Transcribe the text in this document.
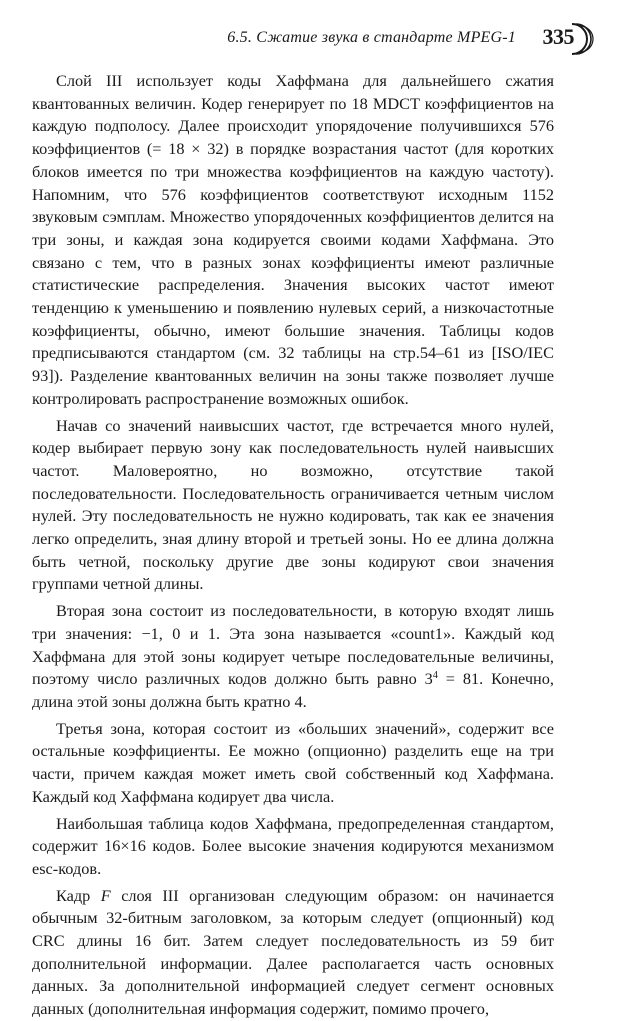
6.5. Сжатие звука в стандарте MPEG-1 335

Слой III использует коды Хаффмана для дальнейшего сжатия квантованных величин. Кодер генерирует по 18 MDCT коэффициентов на каждую подполосу. Далее происходит упорядочение получившихся 576 коэффициентов (= 18 × 32) в порядке возрастания частот (для коротких блоков имеется по три множества коэффициентов на каждую частоту). Напомним, что 576 коэффициентов соответствуют исходным 1152 звуковым сэмплам. Множество упорядоченных коэффициентов делится на три зоны, и каждая зона кодируется своими кодами Хаффмана. Это связано с тем, что в разных зонах коэффициенты имеют различные статистические распределения. Значения высоких частот имеют тенденцию к уменьшению и появлению нулевых серий, а низкочастотные коэффициенты, обычно, имеют большие значения. Таблицы кодов предписываются стандартом (см. 32 таблицы на стр.54–61 из [ISO/IEC 93]). Разделение квантованных величин на зоны также позволяет лучше контролировать распространение возможных ошибок.

Начав со значений наивысших частот, где встречается много нулей, кодер выбирает первую зону как последовательность нулей наивысших частот. Маловероятно, но возможно, отсутствие такой последовательности. Последовательность ограничивается четным числом нулей. Эту последовательность не нужно кодировать, так как ее значения легко определить, зная длину второй и третьей зоны. Но ее длина должна быть четной, поскольку другие две зоны кодируют свои значения группами четной длины.

Вторая зона состоит из последовательности, в которую входят лишь три значения: −1, 0 и 1. Эта зона называется «count1». Каждый код Хаффмана для этой зоны кодирует четыре последовательные величины, поэтому число различных кодов должно быть равно $3^4 = 81$. Конечно, длина этой зоны должна быть кратно 4.

Третья зона, которая состоит из «больших значений», содержит все остальные коэффициенты. Ее можно (опционно) разделить еще на три части, причем каждая может иметь свой собственный код Хаффмана. Каждый код Хаффмана кодирует два числа.

Наибольшая таблица кодов Хаффмана, предопределенная стандартом, содержит 16×16 кодов. Более высокие значения кодируются механизмом esc-кодов.

Кадр F слоя III организован следующим образом: он начинается обычным 32-битным заголовком, за которым следует (опционный) код CRC длины 16 бит. Затем следует последовательность из 59 бит дополнительной информации. Далее располагается часть основных данных. За дополнительной информацией следует сегмент основных данных (дополнительная информация содержит, помимо прочего,
